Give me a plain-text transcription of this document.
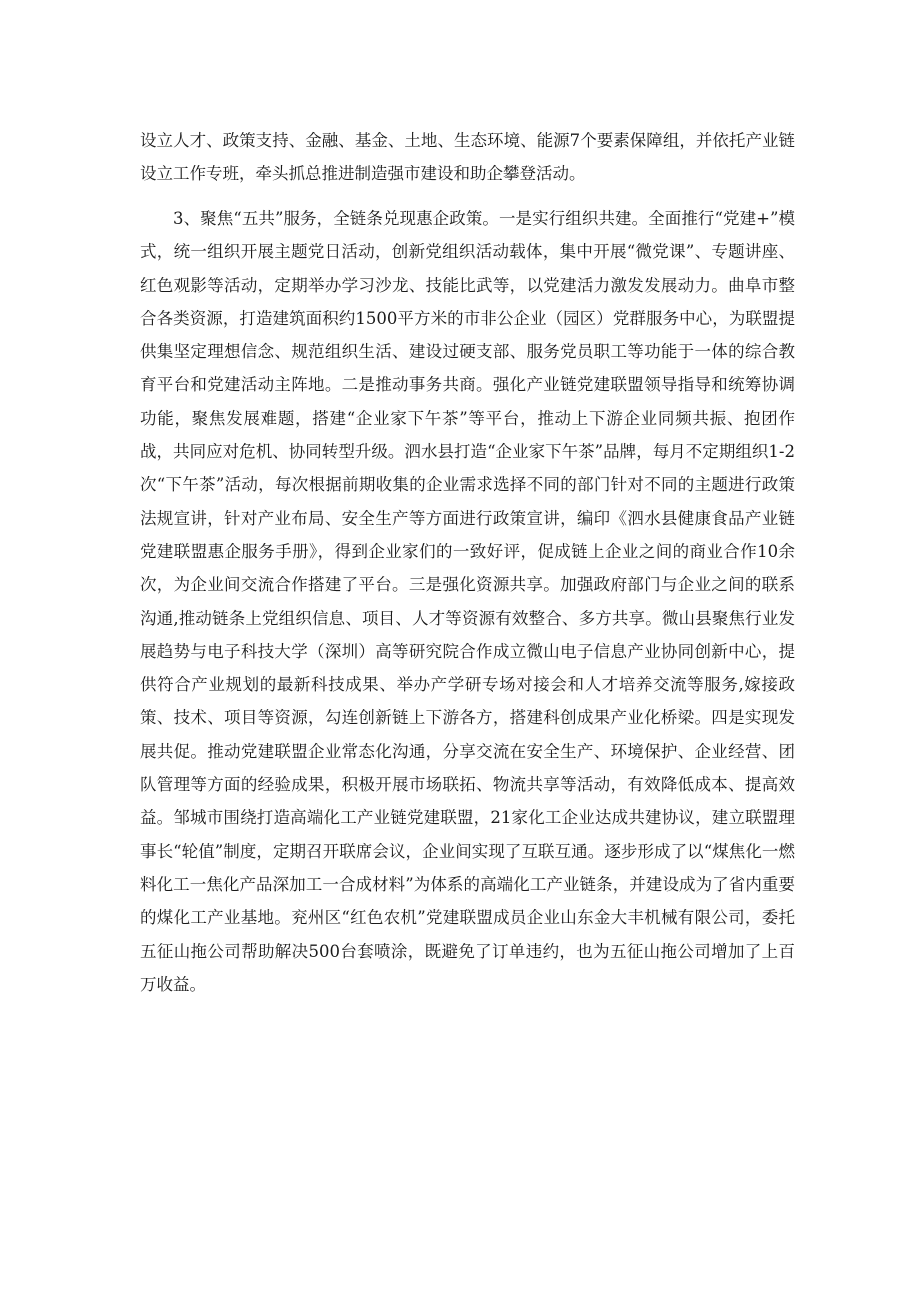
设立人才、政策支持、金融、基金、土地、生态环境、能源7个要素保障组，并依托产业链设立工作专班，牵头抓总推进制造强市建设和助企攀登活动。

3、聚焦“五共”服务，全链条兑现惠企政策。一是实行组织共建。全面推行“党建+”模式，统一组织开展主题党日活动，创新党组织活动载体，集中开展“微党课”、专题讲座、红色观影等活动，定期举办学习沙龙、技能比武等，以党建活力激发发展动力。曲阜市整合各类资源，打造建筑面积约1500平方米的市非公企业（园区）党群服务中心，为联盟提供集坚定理想信念、规范组织生活、建设过硬支部、服务党员职工等功能于一体的综合教育平台和党建活动主阵地。二是推动事务共商。强化产业链党建联盟领导指导和统筹协调功能，聚焦发展难题，搭建“企业家下午茶”等平台，推动上下游企业同频共振、抱团作战，共同应对危机、协同转型升级。泗水县打造“企业家下午茶”品牌，每月不定期组织1-2次“下午茶”活动，每次根据前期收集的企业需求选择不同的部门针对不同的主题进行政策法规宣讲，针对产业布局、安全生产等方面进行政策宣讲，编印《泗水县健康食品产业链党建联盟惠企服务手册》，得到企业家们的一致好评，促成链上企业之间的商业合作10余次，为企业间交流合作搭建了平台。三是强化资源共享。加强政府部门与企业之间的联系沟通,推动链条上党组织信息、项目、人才等资源有效整合、多方共享。微山县聚焦行业发展趋势与电子科技大学（深圳）高等研究院合作成立微山电子信息产业协同创新中心，提供符合产业规划的最新科技成果、举办产学研专场对接会和人才培养交流等服务,嫁接政策、技术、项目等资源，勾连创新链上下游各方，搭建科创成果产业化桥梁。四是实现发展共促。推动党建联盟企业常态化沟通，分享交流在安全生产、环境保护、企业经营、团队管理等方面的经验成果，积极开展市场联拓、物流共享等活动，有效降低成本、提高效益。邹城市围绕打造高端化工产业链党建联盟，21家化工企业达成共建协议，建立联盟理事长“轮值”制度，定期召开联席会议，企业间实现了互联互通。逐步形成了以“煤焦化一燃料化工一焦化产品深加工一合成材料”为体系的高端化工产业链条，并建设成为了省内重要的煤化工产业基地。兖州区“红色农机”党建联盟成员企业山东金大丰机械有限公司，委托五征山拖公司帮助解决500台套喷涂，既避免了订单违约，也为五征山拖公司增加了上百万收益。
